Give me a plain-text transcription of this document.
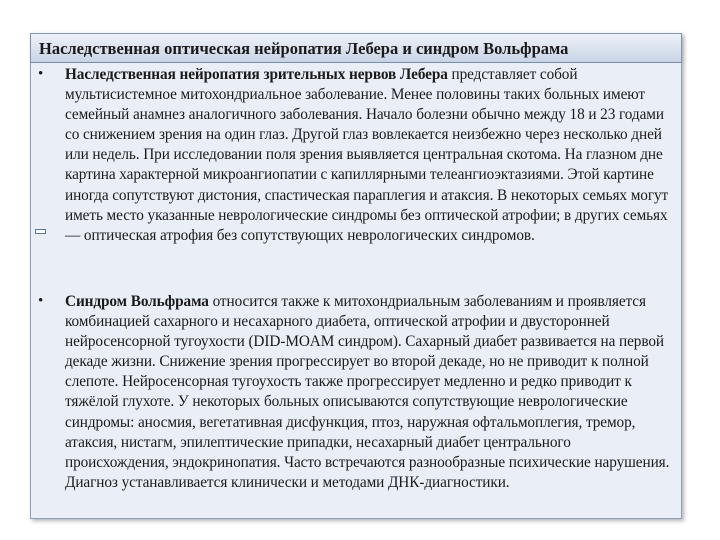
Наследственная оптическая нейропатия Лебера и синдром Вольфрама
• Наследственная нейропатия зрительных нервов Лебера представляет собой мультисистемное митохондриальное заболевание. Менее половины таких больных имеют семейный анамнез аналогичного заболевания. Начало болезни обычно между 18 и 23 годами со снижением зрения на один глаз. Другой глаз вовлекается неизбежно через несколько дней или недель. При исследовании поля зрения выявляется центральная скотома. На глазном дне картина характерной микроангиопатии с капиллярными телеангиоэктазиями. Этой картине иногда сопутствуют дистония, спастическая параплегия и атаксия. В некоторых семьях могут иметь место указанные неврологические синдромы без оптической атрофии; в других семьях — оптическая атрофия без сопутствующих неврологических синдромов.
• Синдром Вольфрама относится также к митохондриальным заболеваниям и проявляется комбинацией сахарного и несахарного диабета, оптической атрофии и двусторонней нейросенсорной тугоухости (DID-MOAM синдром). Сахарный диабет развивается на первой декаде жизни. Снижение зрения прогрессирует во второй декаде, но не приводит к полной слепоте. Нейросенсорная тугоухость также прогрессирует медленно и редко приводит к тяжёлой глухоте. У некоторых больных описываются сопутствующие неврологические синдромы: аносмия, вегетативная дисфункция, птоз, наружная офтальмоплегия, тремор, атаксия, нистагм, эпилептические припадки, несахарный диабет центрального происхождения, эндокринопатия. Часто встречаются разнообразные психические нарушения. Диагноз устанавливается клинически и методами ДНК-диагностики.
